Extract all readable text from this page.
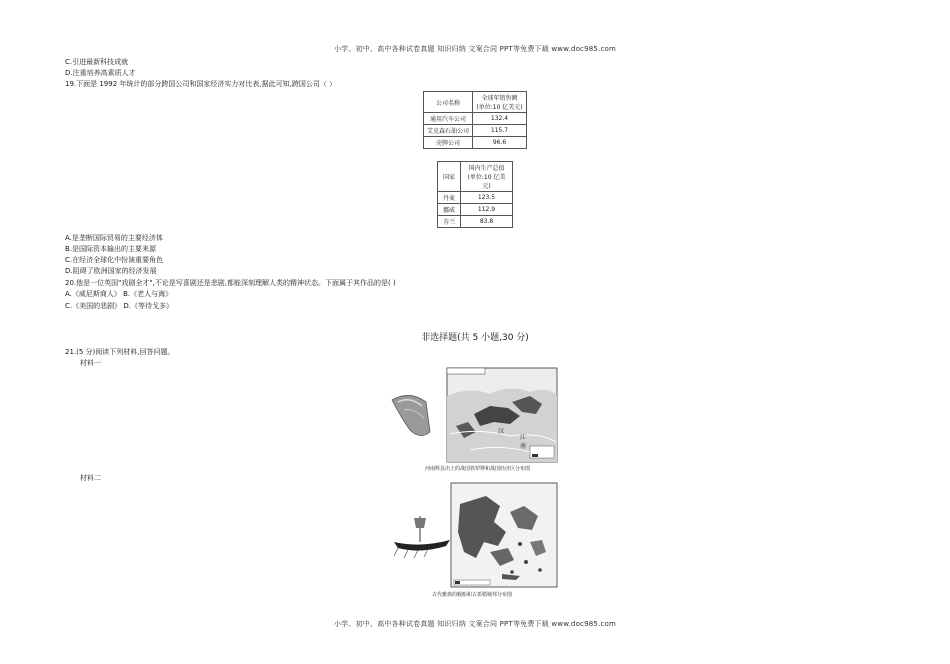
小学、初中、高中各种试卷真题 知识归纳 文案合同 PPT等免费下载 www.doc985.com
C.引进最新科技成就
D.注重培养高素质人才
19.下面是 1992 年统计的部分跨国公司和国家经济实力对比表,据此可知,跨国公司（ ）
公司名称	全球年销售额
(单位:10 亿美元)
通用汽车公司	132.4
艾克森石油公司	115.7
壳牌公司	96.6
国家	国内生产总值
(单位:10 亿美元)
丹麦	123.5
挪威	112.9
芬兰	83.8
A.是垄断国际贸易的主要经济体
B.是国际资本输出的主要来源
C.在经济全球化中扮演重要角色
D.阻碍了欧洲国家的经济发展
20.他是一位英国"戏剧全才",不论是写喜剧还是悲剧,都能深刻理解人类的精神状态。下面属于其作品的是( )
A.《威尼斯商人》 B.《老人与海》
C.《美国的悲剧》 D.《等待戈多》
非选择题(共 5 小题,30 分)
21.(5 分)阅读下列材料,回答问题。
材料一
战国时期经济区分布图
汉
江
南
河南辉县出土的战国铁犁铧和战国经济区分布图
材料二
古代雅典的舰船和古希腊城邦分布图
小学、初中、高中各种试卷真题 知识归纳 文案合同 PPT等免费下载 www.doc985.com
